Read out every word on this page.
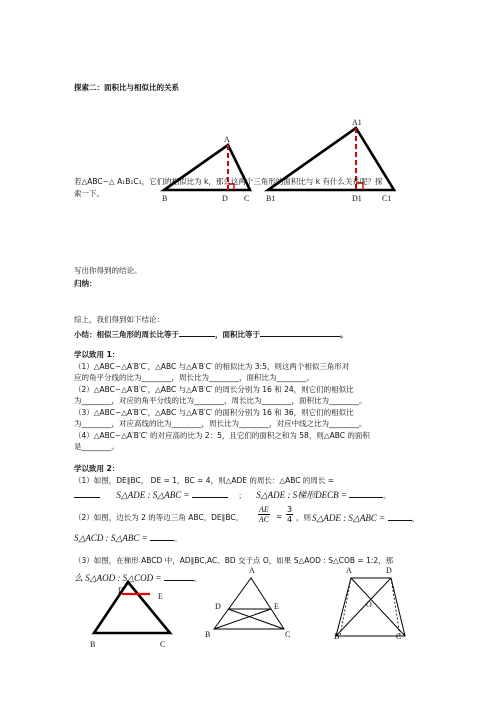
探索二：面积比与相似比的关系
A
B	D C
A1
B1	D1	C1
若△ABC∽△ A₁B₁C₁，它们的相似比为 k，那么这两个三角形的面积比与 k 有什么关系呢？探
索一下。
写出你得到的结论。
归纳：
综上，我们得到如下结论：
小结：相似三角形的周长比等于	，面积比等于	。
学以致用 1：
（1）△ABC∽△A′B′C′，△ABC 与△A′B′C′ 的相似比为 3:5，则这两个相似三角形对
应的角平分线的比为________，周长比为________，面积比为________。
（2）△ABC∽△A′B′C′，△ABC 与△A′B′C′ 的周长分别为 16 和 24，则它们的相似比
为________，对应的角平分线的比为________，周长比为________，面积比为________。
（3）△ABC∽△A′B′C′，△ABC 与△A′B′C′ 的面积分别为 16 和 36，则它们的相似比
为________，对应高线的比为________，周长比为________，对应中线之比为________。
（4）△ABC∽△A′B′C′ 的对应高的比为 2：5，且它们的面积之和为 58，则△ABC 的面积
是________。
学以致用 2：
（1）如图，DE∥BC， DE = 1，BC = 4，则△ADE 的周长：△ABC 的周长 =
S△ADE : S△ABC =	； S△ADE : S梯形DECB =	。
（2）如图，边长为 2 的等边三角 ABC，DE∥BC， $\frac{AE}{AC} = \frac{3}{4}$ ，则 S△ADE : S△ABC =	。
S△ACD : S△ABC =	。
（3）如图，在梯形 ABCD 中，AD∥BC,AC、BD 交于点 O，如果 S△AOD : S△COB = 1:2，那
么 S△AOD : S△COD =	。
D
E
B	C
A
D	E
B	C
A	D
O
B	C
